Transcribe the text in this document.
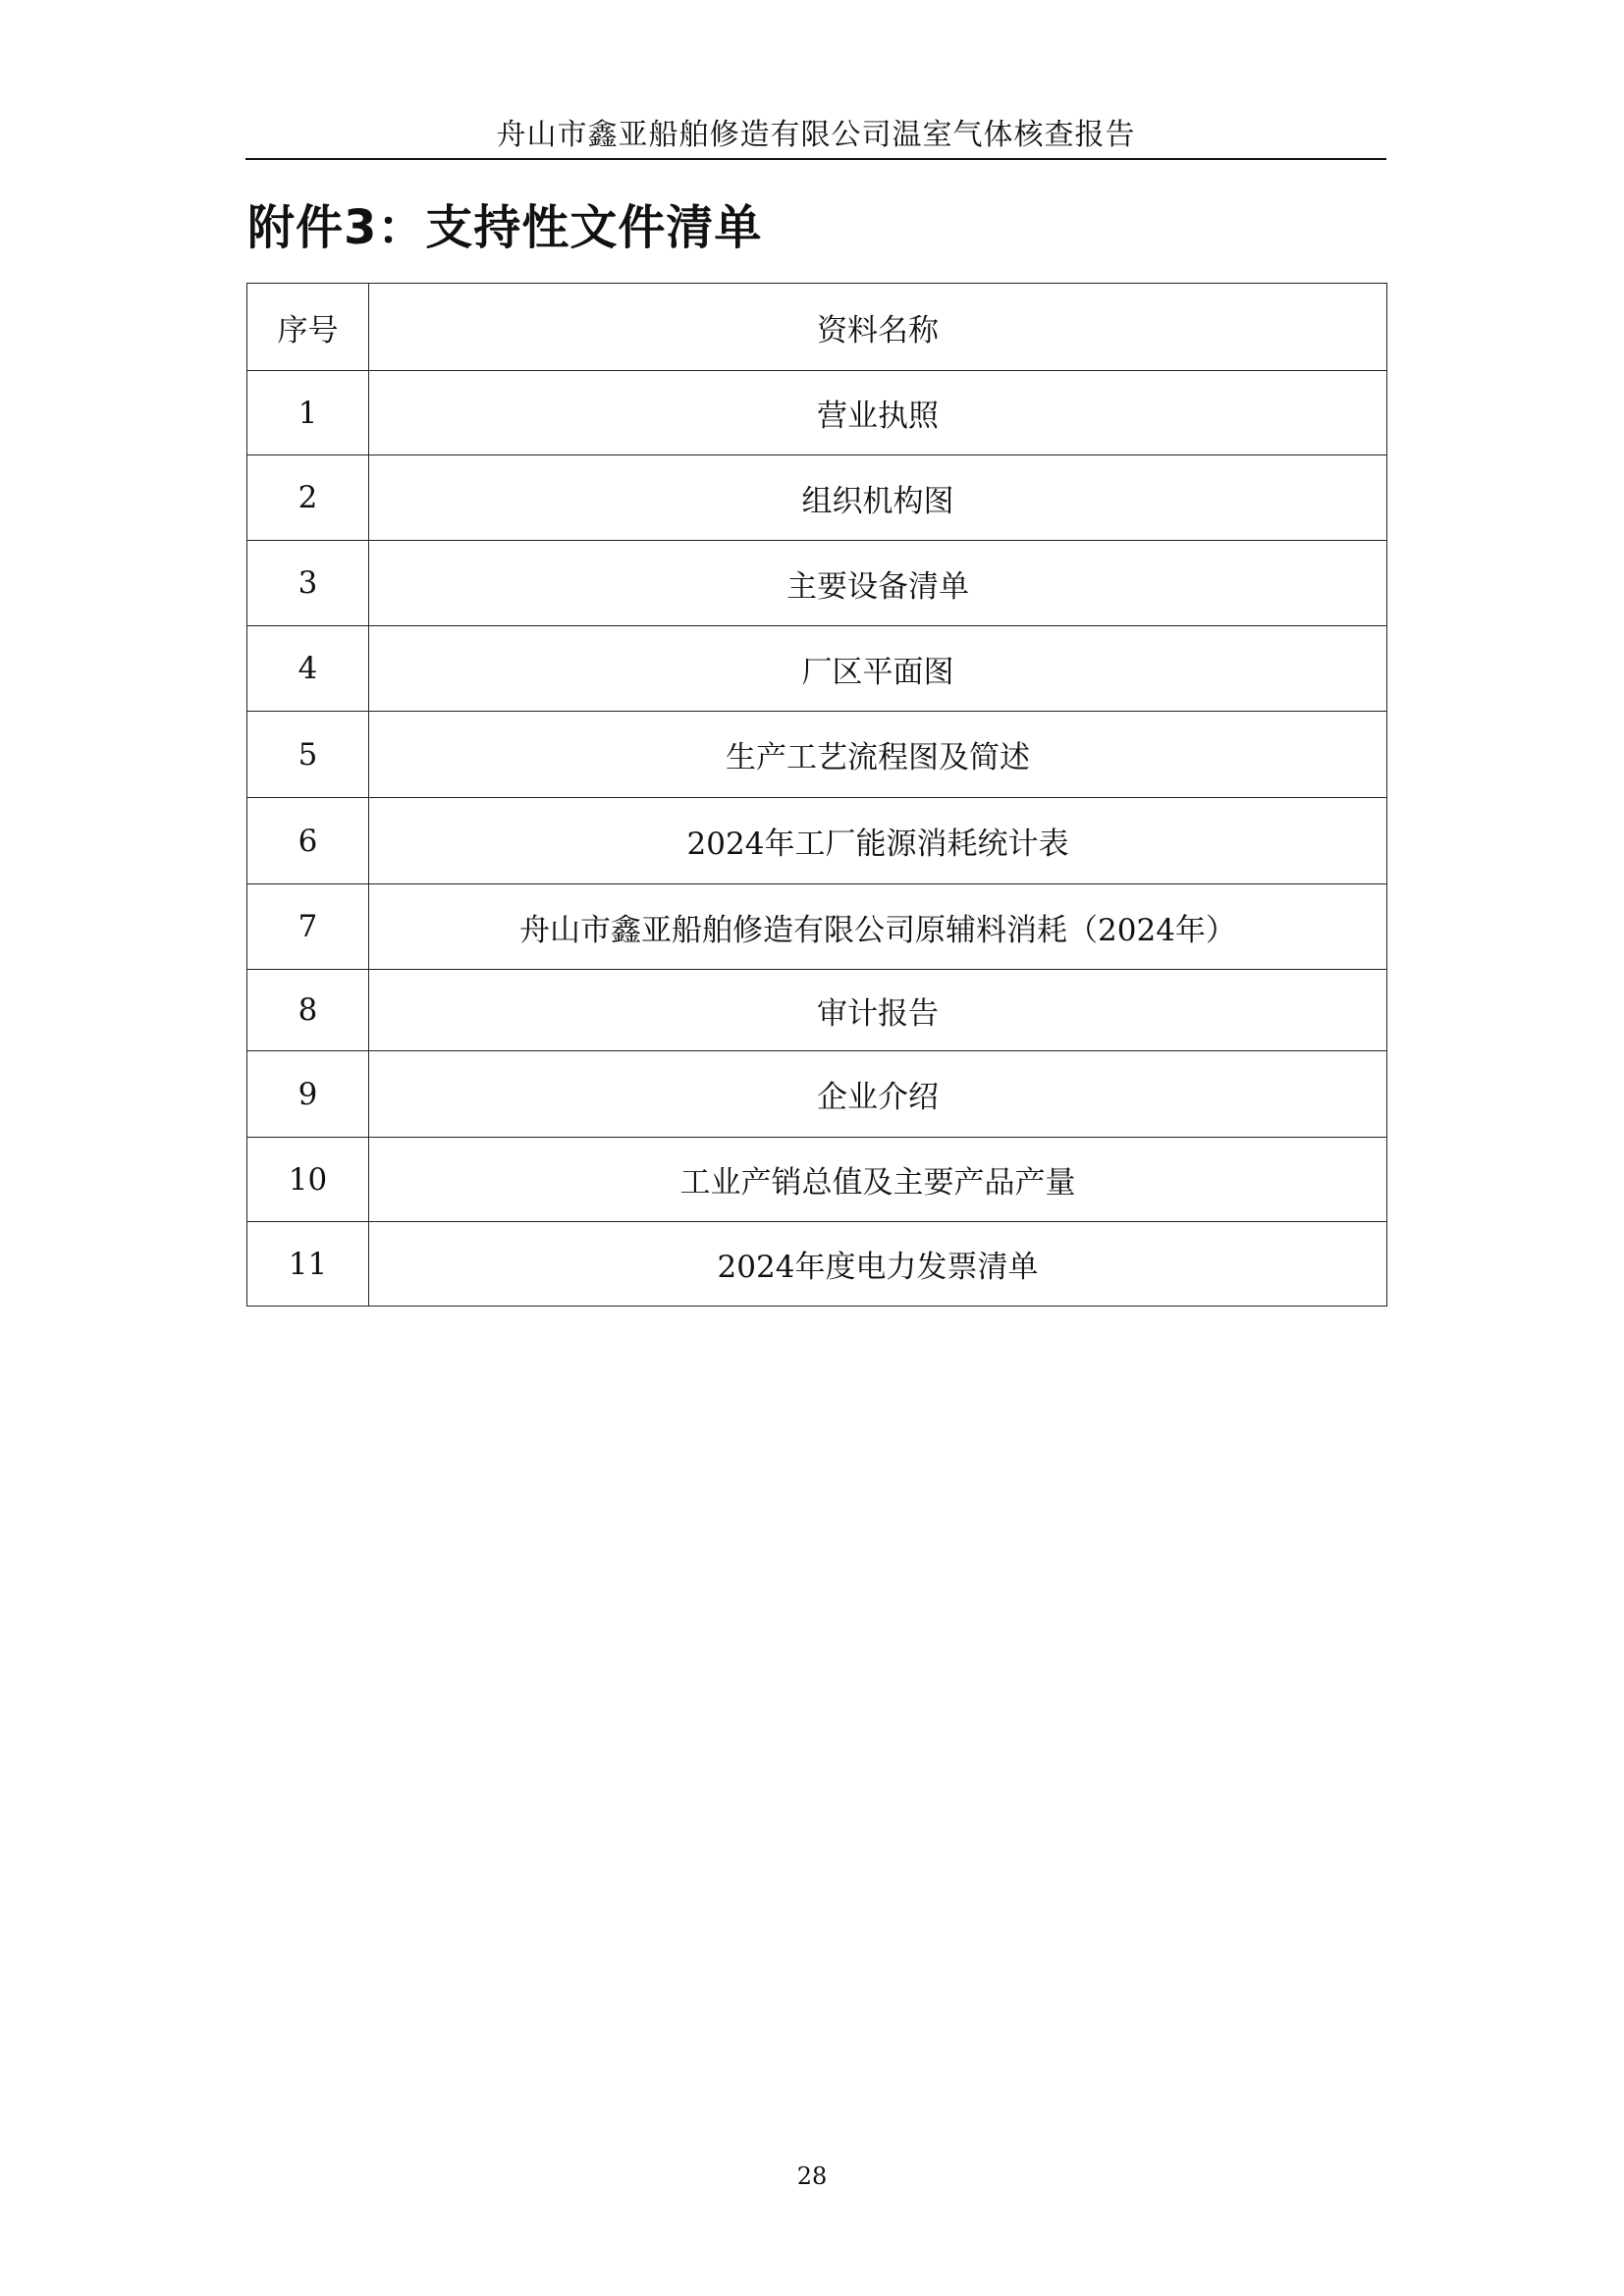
舟山市鑫亚船舶修造有限公司温室气体核查报告
附件3：支持性文件清单
序号	资料名称
1	营业执照
2	组织机构图
3	主要设备清单
4	厂区平面图
5	生产工艺流程图及简述
6	2024年工厂能源消耗统计表
7	舟山市鑫亚船舶修造有限公司原辅料消耗（2024年）
8	审计报告
9	企业介绍
10	工业产销总值及主要产品产量
11	2024年度电力发票清单
28
